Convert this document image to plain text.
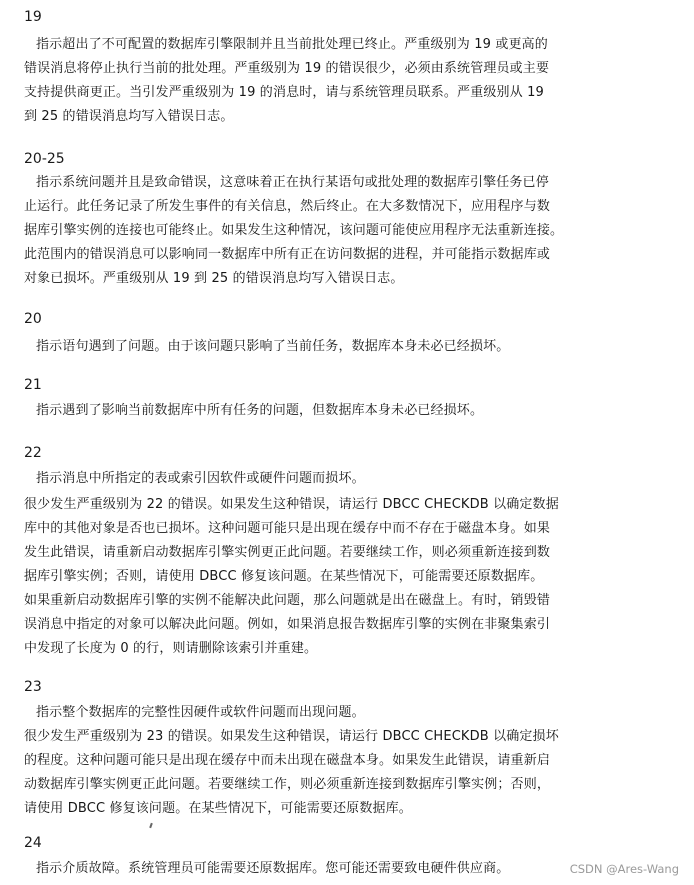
19
指示超出了不可配置的数据库引擎限制并且当前批处理已终止。严重级别为 19 或更高的
错误消息将停止执行当前的批处理。严重级别为 19 的错误很少，必须由系统管理员或主要
支持提供商更正。当引发严重级别为 19 的消息时，请与系统管理员联系。严重级别从 19
到 25 的错误消息均写入错误日志。
20-25
指示系统问题并且是致命错误，这意味着正在执行某语句或批处理的数据库引擎任务已停
止运行。此任务记录了所发生事件的有关信息，然后终止。在大多数情况下，应用程序与数
据库引擎实例的连接也可能终止。如果发生这种情况，该问题可能使应用程序无法重新连接。
此范围内的错误消息可以影响同一数据库中所有正在访问数据的进程，并可能指示数据库或
对象已损坏。严重级别从 19 到 25 的错误消息均写入错误日志。
20
指示语句遇到了问题。由于该问题只影响了当前任务，数据库本身未必已经损坏。
21
指示遇到了影响当前数据库中所有任务的问题，但数据库本身未必已经损坏。
22
指示消息中所指定的表或索引因软件或硬件问题而损坏。
很少发生严重级别为 22 的错误。如果发生这种错误，请运行 DBCC CHECKDB 以确定数据
库中的其他对象是否也已损坏。这种问题可能只是出现在缓存中而不存在于磁盘本身。如果
发生此错误，请重新启动数据库引擎实例更正此问题。若要继续工作，则必须重新连接到数
据库引擎实例；否则，请使用 DBCC 修复该问题。在某些情况下，可能需要还原数据库。
如果重新启动数据库引擎的实例不能解决此问题，那么问题就是出在磁盘上。有时，销毁错
误消息中指定的对象可以解决此问题。例如，如果消息报告数据库引擎的实例在非聚集索引
中发现了长度为 0 的行，则请删除该索引并重建。
23
指示整个数据库的完整性因硬件或软件问题而出现问题。
很少发生严重级别为 23 的错误。如果发生这种错误，请运行 DBCC CHECKDB 以确定损坏
的程度。这种问题可能只是出现在缓存中而未出现在磁盘本身。如果发生此错误，请重新启
动数据库引擎实例更正此问题。若要继续工作，则必须重新连接到数据库引擎实例；否则，
请使用 DBCC 修复该问题。在某些情况下，可能需要还原数据库。
24
指示介质故障。系统管理员可能需要还原数据库。您可能还需要致电硬件供应商。	CSDN @Ares-Wang
